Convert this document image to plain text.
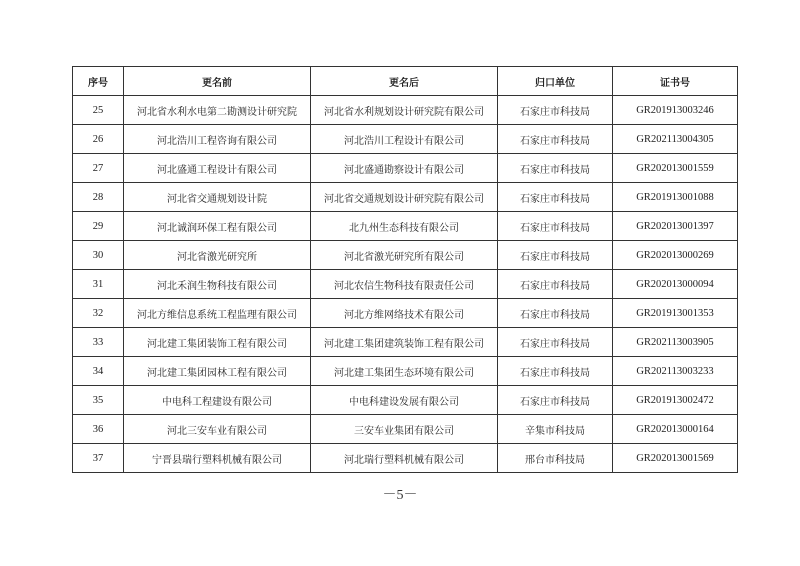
序号	更名前	更名后	归口单位	证书号
25	河北省水利水电第二勘测设计研究院	河北省水利规划设计研究院有限公司	石家庄市科技局	GR201913003246
26	河北浩川工程咨询有限公司	河北浩川工程设计有限公司	石家庄市科技局	GR202113004305
27	河北盛通工程设计有限公司	河北盛通勘察设计有限公司	石家庄市科技局	GR202013001559
28	河北省交通规划设计院	河北省交通规划设计研究院有限公司	石家庄市科技局	GR201913001088
29	河北诚润环保工程有限公司	北九州生态科技有限公司	石家庄市科技局	GR202013001397
30	河北省激光研究所	河北省激光研究所有限公司	石家庄市科技局	GR202013000269
31	河北禾润生物科技有限公司	河北农信生物科技有限责任公司	石家庄市科技局	GR202013000094
32	河北方维信息系统工程监理有限公司	河北方维网络技术有限公司	石家庄市科技局	GR201913001353
33	河北建工集团装饰工程有限公司	河北建工集团建筑装饰工程有限公司	石家庄市科技局	GR202113003905
34	河北建工集团园林工程有限公司	河北建工集团生态环境有限公司	石家庄市科技局	GR202113003233
35	中电科工程建设有限公司	中电科建设发展有限公司	石家庄市科技局	GR201913002472
36	河北三安车业有限公司	三安车业集团有限公司	辛集市科技局	GR202013000164
37	宁晋县瑞行塑料机械有限公司	河北瑞行塑料机械有限公司	邢台市科技局	GR202013001569
－5－
